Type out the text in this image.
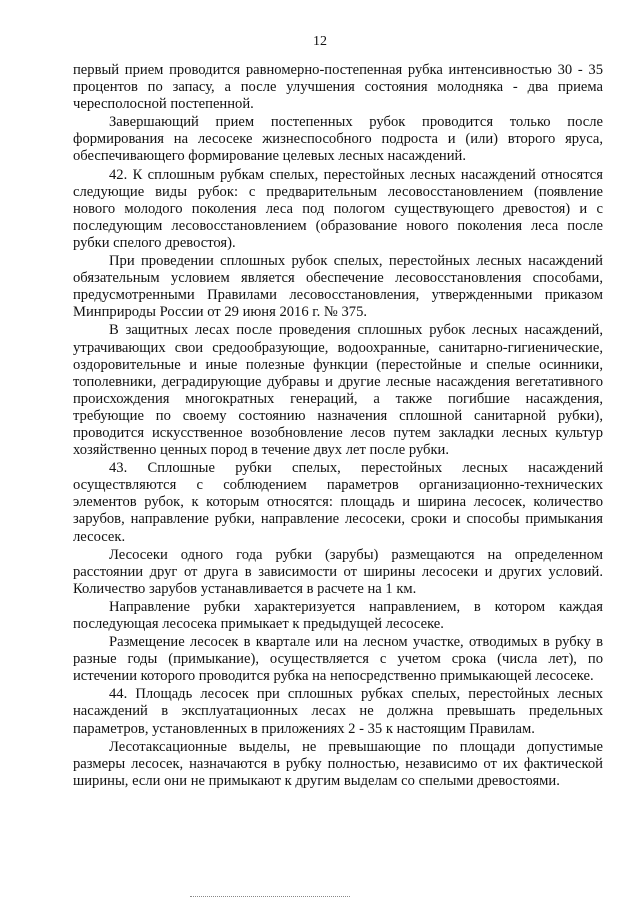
12

первый прием проводится равномерно-постепенная рубка интенсивностью 30 - 35 процентов по запасу, а после улучшения состояния молодняка - два приема чересполосной постепенной.

Завершающий прием постепенных рубок проводится только после формирования на лесосеке жизнеспособного подроста и (или) второго яруса, обеспечивающего формирование целевых лесных насаждений.

42. К сплошным рубкам спелых, перестойных лесных насаждений относятся следующие виды рубок: с предварительным лесовосстановлением (появление нового молодого поколения леса под пологом существующего древостоя) и с последующим лесовосстановлением (образование нового поколения леса после рубки спелого древостоя).

При проведении сплошных рубок спелых, перестойных лесных насаждений обязательным условием является обеспечение лесовосстановления способами, предусмотренными Правилами лесовосстановления, утвержденными приказом Минприроды России от 29 июня 2016 г. № 375.

В защитных лесах после проведения сплошных рубок лесных насаждений, утрачивающих свои средообразующие, водоохранные, санитарно-гигиенические, оздоровительные и иные полезные функции (перестойные и спелые осинники, тополевники, деградирующие дубравы и другие лесные насаждения вегетативного происхождения многократных генераций, а также погибшие насаждения, требующие по своему состоянию назначения сплошной санитарной рубки), проводится искусственное возобновление лесов путем закладки лесных культур хозяйственно ценных пород в течение двух лет после рубки.

43. Сплошные рубки спелых, перестойных лесных насаждений осуществляются с соблюдением параметров организационно-технических элементов рубок, к которым относятся: площадь и ширина лесосек, количество зарубов, направление рубки, направление лесосеки, сроки и способы примыкания лесосек.

Лесосеки одного года рубки (зарубы) размещаются на определенном расстоянии друг от друга в зависимости от ширины лесосеки и других условий. Количество зарубов устанавливается в расчете на 1 км.

Направление рубки характеризуется направлением, в котором каждая последующая лесосека примыкает к предыдущей лесосеке.

Размещение лесосек в квартале или на лесном участке, отводимых в рубку в разные годы (примыкание), осуществляется с учетом срока (числа лет), по истечении которого проводится рубка на непосредственно примыкающей лесосеке.

44. Площадь лесосек при сплошных рубках спелых, перестойных лесных насаждений в эксплуатационных лесах не должна превышать предельных параметров, установленных в приложениях 2 - 35 к настоящим Правилам.

Лесотаксационные выделы, не превышающие по площади допустимые размеры лесосек, назначаются в рубку полностью, независимо от их фактической ширины, если они не примыкают к другим выделам со спелыми древостоями.
